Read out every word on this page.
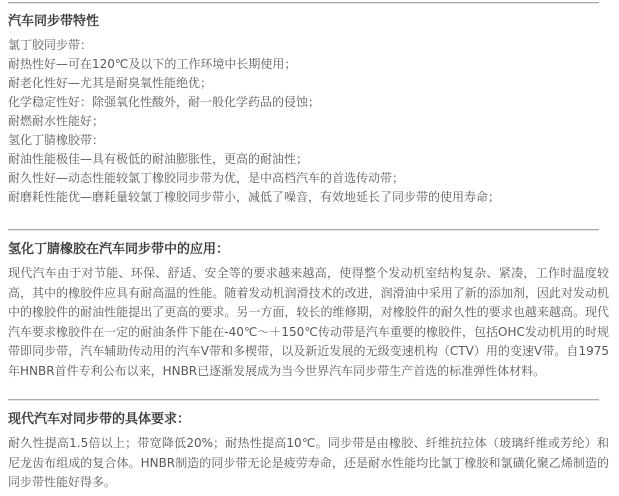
汽车同步带特性
氯丁胶同步带：
耐热性好—可在120℃及以下的工作环境中长期使用；
耐老化性好—尤其是耐臭氧性能绝优；
化学稳定性好：除强氧化性酸外，耐一般化学药品的侵蚀；
耐燃耐水性能好；
氢化丁腈橡胶带：
耐油性能极佳—具有极低的耐油膨胀性，更高的耐油性；
耐久性好—动态性能较氯丁橡胶同步带为优，是中高档汽车的首选传动带；
耐磨耗性能优—磨耗量较氯丁橡胶同步带小，减低了噪音，有效地延长了同步带的使用寿命；
氢化丁腈橡胶在汽车同步带中的应用：

现代汽车由于对节能、环保、舒适、安全等的要求越来越高，使得整个发动机室结构复杂、紧凑，工作时温度较高，其中的橡胶件应具有耐高温的性能。随着发动机润滑技术的改进，润滑油中采用了新的添加剂，因此对发动机中的橡胶件的耐油性能提出了更高的要求。另一方面，较长的维修期，对橡胶件的耐久性的要求也越来越高。现代汽车要求橡胶件在一定的耐油条件下能在-40℃～＋150℃传动带是汽车重要的橡胶件，包括OHC发动机用的时规带即同步带，汽车辅助传动用的汽车V带和多楔带，以及新近发展的无级变速机构（CTV）用的变速V带。自1975年HNBR首件专利公布以来，HNBR已逐渐发展成为当今世界汽车同步带生产首选的标准弹性体材料。

现代汽车对同步带的具体要求：

耐久性提高1.5倍以上；带宽降低20%；耐热性提高10℃。同步带是由橡胶、纤维抗拉体（玻璃纤维或芳纶）和尼龙齿布组成的复合体。HNBR制造的同步带无论是疲劳寿命，还是耐水性能均比氯丁橡胶和氯磺化聚乙烯制造的同步带性能好得多。
